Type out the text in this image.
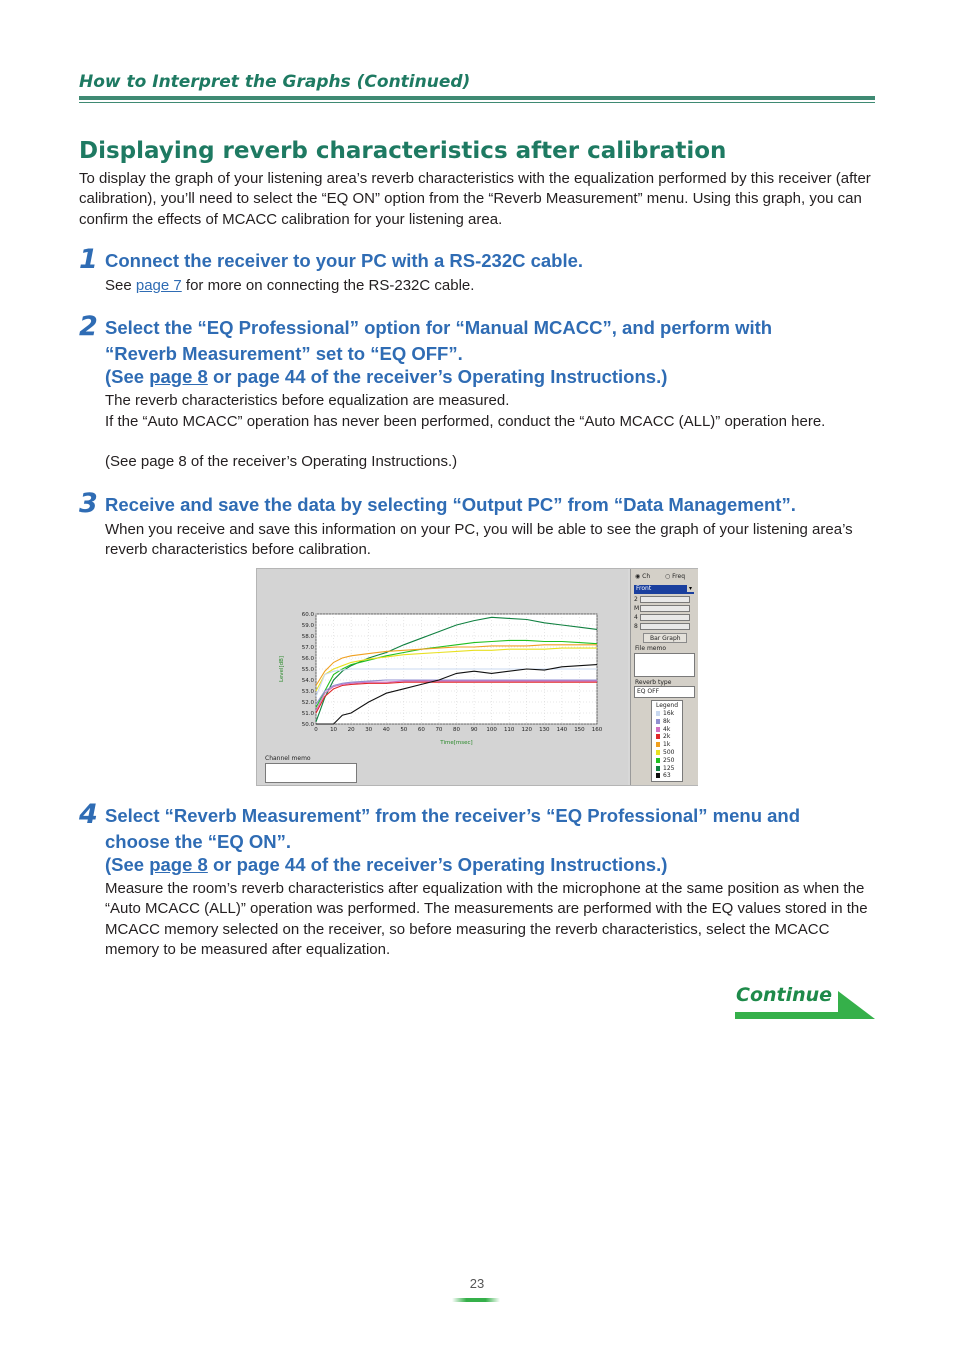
How to Interpret the Graphs (Continued)
Displaying reverb characteristics after calibration

To display the graph of your listening area’s reverb characteristics with the equalization performed by this receiver (after calibration), you’ll need to select the “EQ ON” option from the “Reverb Measurement” menu. Using this graph, you can confirm the effects of MCACC calibration for your listening area.

1 Connect the receiver to your PC with a RS-232C cable.

See page 7 for more on connecting the RS-232C cable.

2 Select the “EQ Professional” option for “Manual MCACC”, and perform with
“Reverb Measurement” set to “EQ OFF”.
(See page 8 or page 44 of the receiver’s Operating Instructions.)

The reverb characteristics before equalization are measured.

If the “Auto MCACC” operation has never been performed, conduct the “Auto MCACC (ALL)” operation here.

(See page 8 of the receiver’s Operating Instructions.)

3 Receive and save the data by selecting “Output PC” from “Data Management”.

When you receive and save this information on your PC, you will be able to see the graph of your listening area’s reverb characteristics before calibration.

0 10 20 30 40 50 60 70 80 90 100 110 120 130 140 150 160
60.0
59.0
58.0
57.0
56.0
55.0
54.0
53.0
52.0
51.0
50.0
Time[msec]
Level[dB]
Channel memo
◉ Ch ○ Freq
Front	▾
2
M
4
8
Bar Graph
File memo
Reverb type
EQ OFF
Legend
16k
8k
4k
2k
1k
500
250
125
63
4 Select “Reverb Measurement” from the receiver’s “EQ Professional” menu and
choose the “EQ ON”.
(See page 8 or page 44 of the receiver’s Operating Instructions.)

Measure the room’s reverb characteristics after equalization with the microphone at the same position as when the “Auto MCACC (ALL)” operation was performed. The measurements are performed with the EQ values stored in the MCACC memory selected on the receiver, so before measuring the reverb characteristics, select the MCACC memory to be measured after equalization.

Continue
23
